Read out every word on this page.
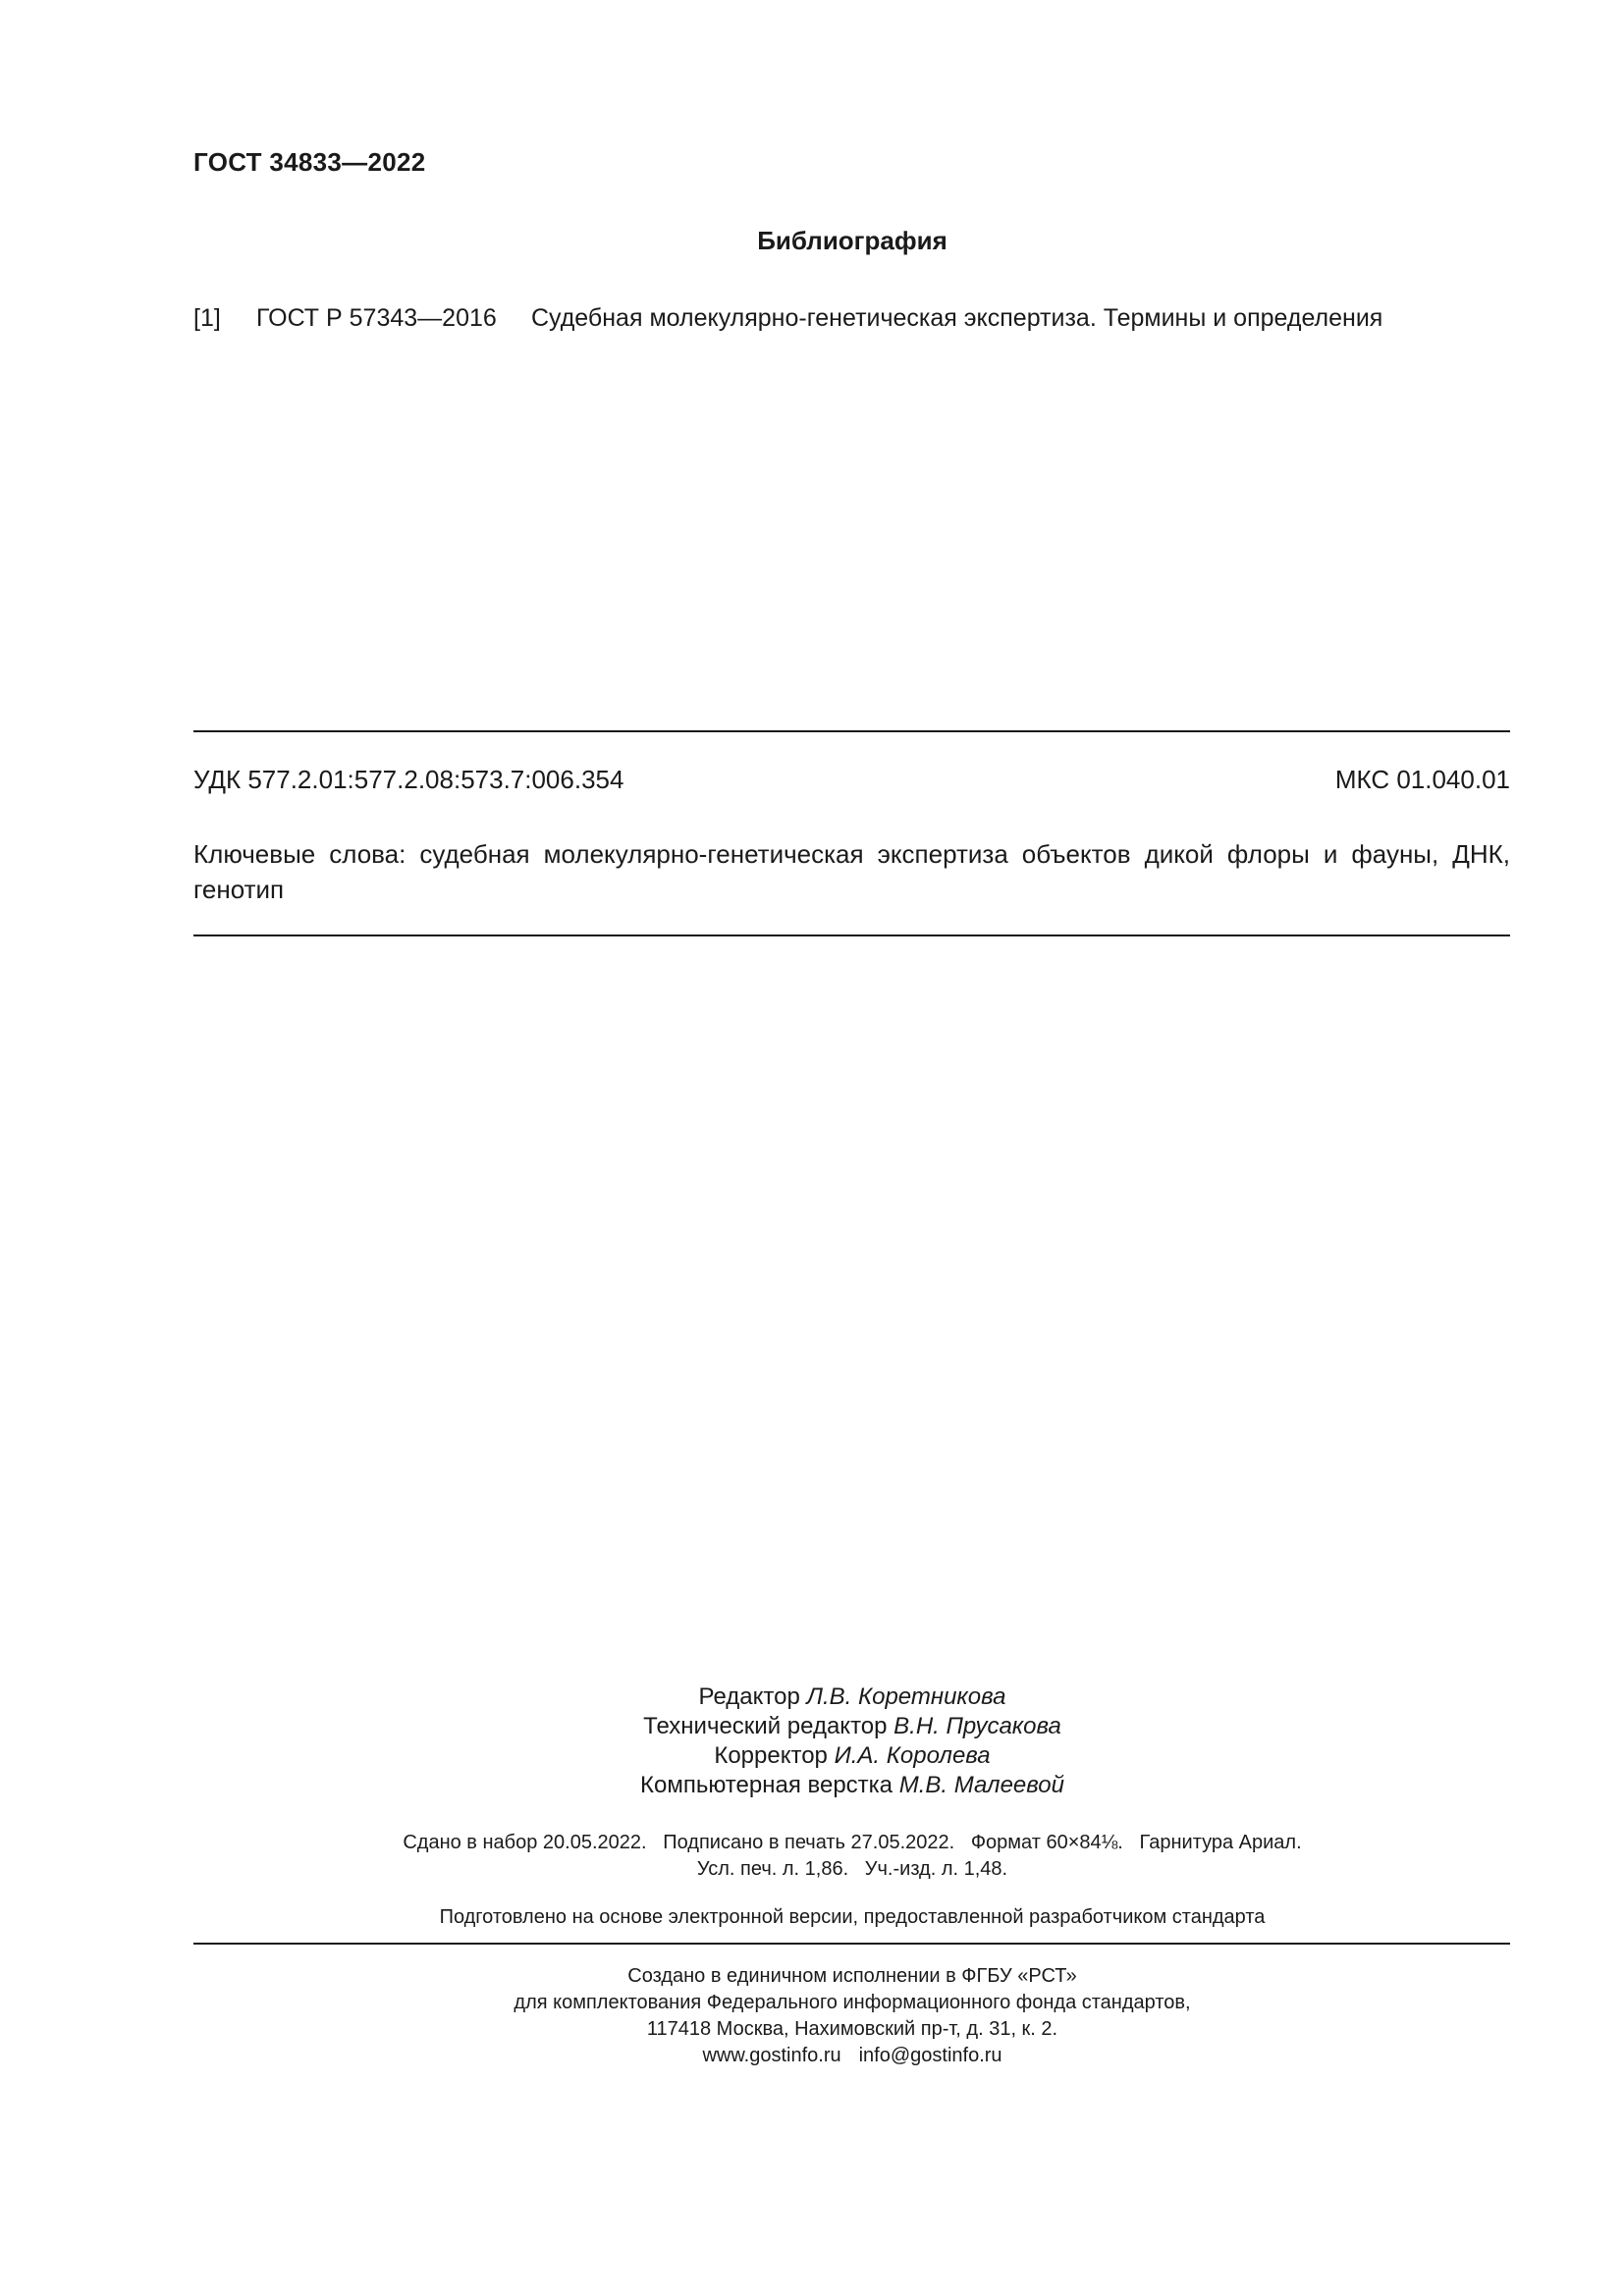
ГОСТ 34833—2022
Библиография
[1] ГОСТ Р 57343—2016 Судебная молекулярно-генетическая экспертиза. Термины и определения
УДК 577.2.01:577.2.08:573.7:006.354	МКС 01.040.01
Ключевые слова: судебная молекулярно-генетическая экспертиза объектов дикой флоры и фауны, ДНК, генотип
Редактор Л.В. Коретникова
Технический редактор В.Н. Прусакова
Корректор И.А. Королева
Компьютерная верстка М.В. Малеевой
Сдано в набор 20.05.2022.   Подписано в печать 27.05.2022.   Формат 60×84⅛.   Гарнитура Ариал.
Усл. печ. л. 1,86.   Уч.-изд. л. 1,48.
Подготовлено на основе электронной версии, предоставленной разработчиком стандарта
Создано в единичном исполнении в ФГБУ «РСТ»
для комплектования Федерального информационного фонда стандартов,
117418 Москва, Нахимовский пр-т, д. 31, к. 2.
www.gostinfo.ru info@gostinfo.ru
